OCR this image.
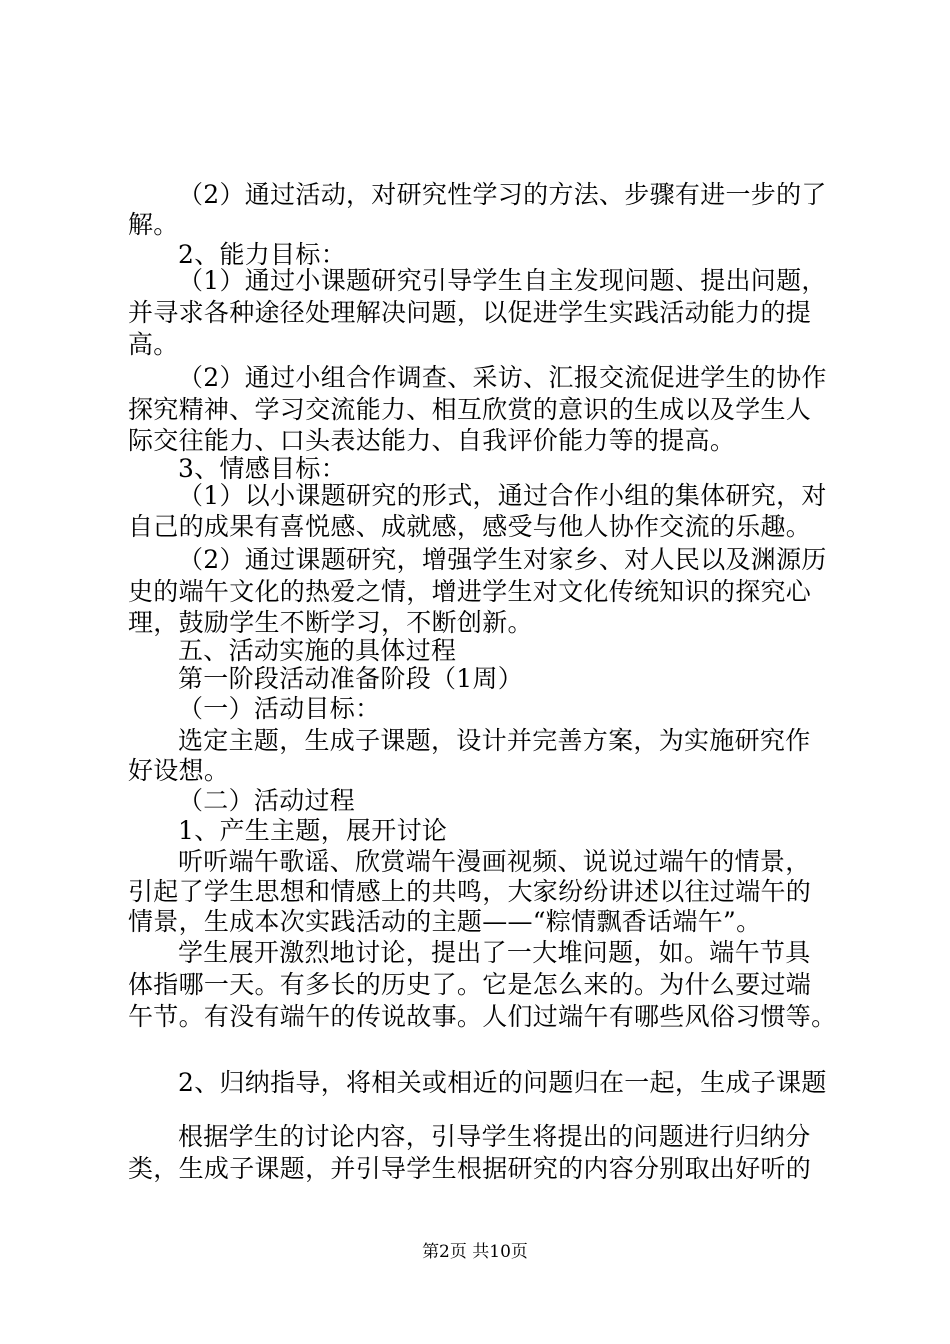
（2）通过活动，对研究性学习的方法、步骤有进一步的了
解。
2、能力目标：
（1）通过小课题研究引导学生自主发现问题、提出问题，
并寻求各种途径处理解决问题，以促进学生实践活动能力的提
高。
（2）通过小组合作调查、采访、汇报交流促进学生的协作
探究精神、学习交流能力、相互欣赏的意识的生成以及学生人
际交往能力、口头表达能力、自我评价能力等的提高。
3、情感目标：
（1）以小课题研究的形式，通过合作小组的集体研究，对
自己的成果有喜悦感、成就感，感受与他人协作交流的乐趣。
（2）通过课题研究，增强学生对家乡、对人民以及渊源历
史的端午文化的热爱之情，增进学生对文化传统知识的探究心
理，鼓励学生不断学习，不断创新。
五、活动实施的具体过程
第一阶段活动准备阶段（1周）
（一）活动目标：
选定主题，生成子课题，设计并完善方案，为实施研究作
好设想。
（二）活动过程
1、产生主题，展开讨论
听听端午歌谣、欣赏端午漫画视频、说说过端午的情景，
引起了学生思想和情感上的共鸣，大家纷纷讲述以往过端午的
情景，生成本次实践活动的主题——“粽情飘香话端午”。
学生展开激烈地讨论，提出了一大堆问题，如。端午节具
体指哪一天。有多长的历史了。它是怎么来的。为什么要过端
午节。有没有端午的传说故事。人们过端午有哪些风俗习惯等。
2、归纳指导，将相关或相近的问题归在一起，生成子课题
根据学生的讨论内容，引导学生将提出的问题进行归纳分
类，生成子课题，并引导学生根据研究的内容分别取出好听的
第2页 共10页
